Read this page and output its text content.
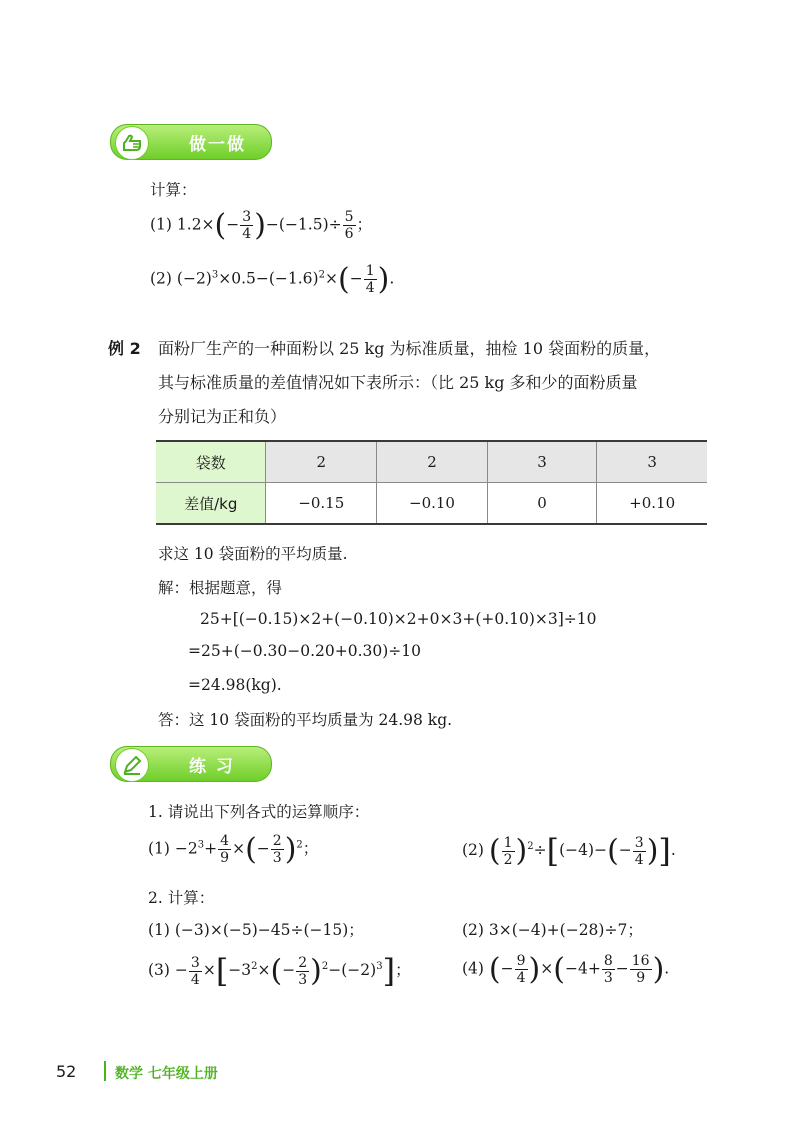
做一做
计算：
(1) $1.2\times(- \frac{3}{4} )-(-1.5)\div \frac{5}{6}$ ；
(2) $(-2)^3\times 0.5-(-1.6)^2\times(- \frac{1}{4}$ ).
例 2 面粉厂生产的一种面粉以 25 kg 为标准质量，抽检 10 袋面粉的质量，
其与标准质量的差值情况如下表所示：（比 25 kg 多和少的面粉质量
分别记为正和负）
袋数	2	2	3	3
差值/kg	−0.15	−0.10	0	+0.10
求这 10 袋面粉的平均质量.
解：根据题意，得
25+[(−0.15)×2+(−0.10)×2+0×3+(+0.10)×3]÷10
=25+(−0.30−0.20+0.30)÷10
=24.98(kg).
答：这 10 袋面粉的平均质量为 24.98 kg.
练 习
1. 请说出下列各式的运算顺序：
$(1) -2^3+ \frac{4}{9}$ ×(− $\frac{2}{3} )^2$；	(2) ( $\frac{1}{2} )^2\div[(-4)-(- \frac{3}{4}$ )].
2. 计算：
(1) (−3)×(−5)−45÷(−15)；	(2) 3×(−4)+(−28)÷7；
$(3) - \frac{3}{4} \times[-3^2\times(- \frac{2}{3} )^2-(-2)^3]$；	(4) (− $\frac{9}{4} )\times(-4+ \frac{8}{3} - \frac{16}{9}$ ).
52	数学 七年级上册
